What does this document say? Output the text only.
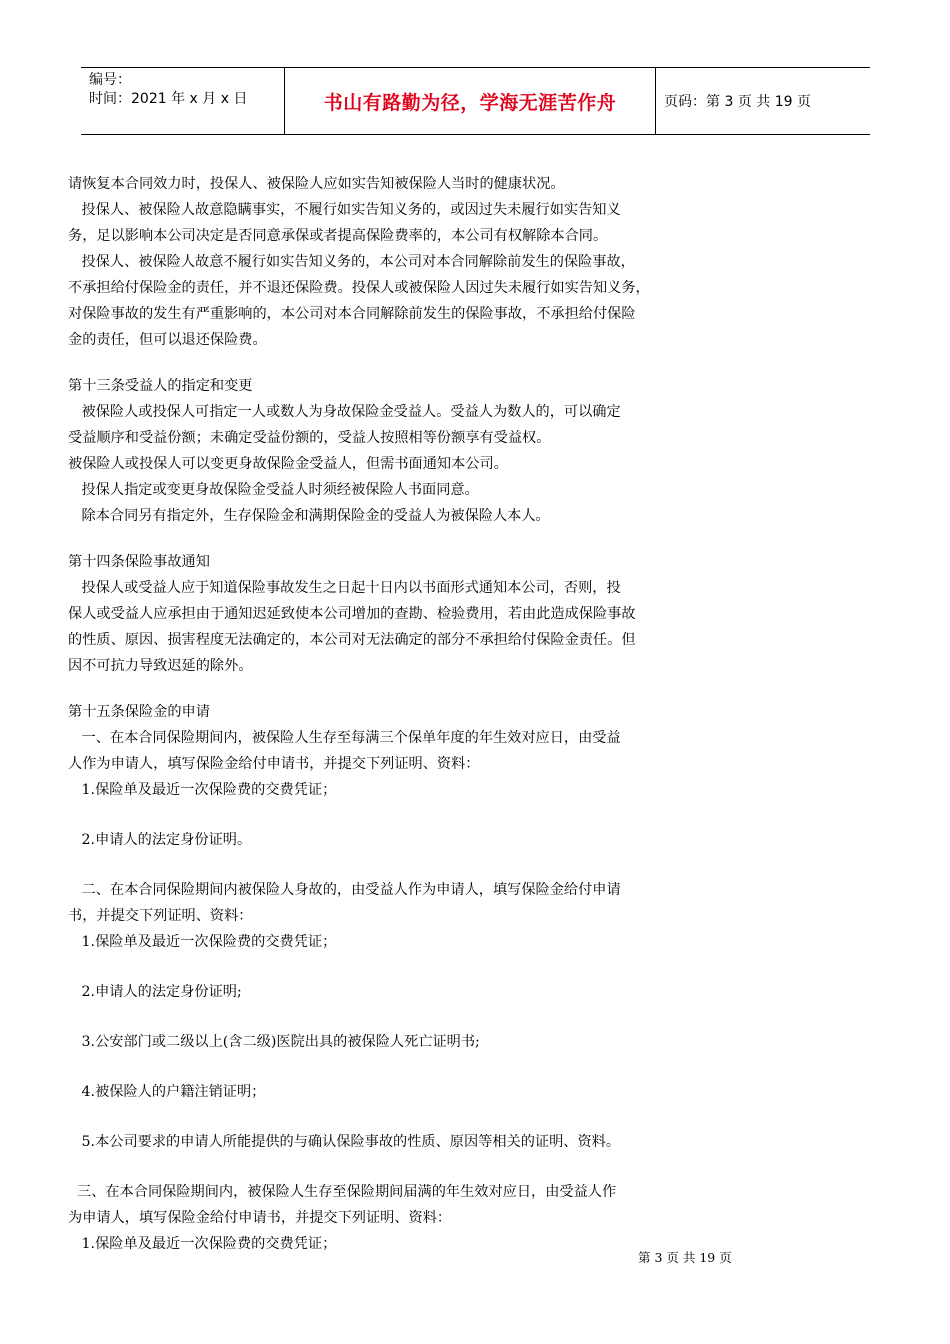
编号：
时间：2021 年 x 月 x 日	书山有路勤为径，学海无涯苦作舟	页码：第 3 页 共 19 页

请恢复本合同效力时，投保人、被保险人应如实告知被保险人当时的健康状况。

投保人、被保险人故意隐瞒事实，不履行如实告知义务的，或因过失未履行如实告知义

务，足以影响本公司决定是否同意承保或者提高保险费率的，本公司有权解除本合同。

投保人、被保险人故意不履行如实告知义务的，本公司对本合同解除前发生的保险事故，

不承担给付保险金的责任，并不退还保险费。投保人或被保险人因过失未履行如实告知义务，

对保险事故的发生有严重影响的，本公司对本合同解除前发生的保险事故，不承担给付保险

金的责任，但可以退还保险费。

第十三条受益人的指定和变更

被保险人或投保人可指定一人或数人为身故保险金受益人。受益人为数人的，可以确定

受益顺序和受益份额；未确定受益份额的，受益人按照相等份额享有受益权。

被保险人或投保人可以变更身故保险金受益人，但需书面通知本公司。

投保人指定或变更身故保险金受益人时须经被保险人书面同意。

除本合同另有指定外，生存保险金和满期保险金的受益人为被保险人本人。

第十四条保险事故通知

投保人或受益人应于知道保险事故发生之日起十日内以书面形式通知本公司，否则，投

保人或受益人应承担由于通知迟延致使本公司增加的查勘、检验费用，若由此造成保险事故

的性质、原因、损害程度无法确定的，本公司对无法确定的部分不承担给付保险金责任。但

因不可抗力导致迟延的除外。

第十五条保险金的申请

一、在本合同保险期间内，被保险人生存至每满三个保单年度的年生效对应日，由受益

人作为申请人，填写保险金给付申请书，并提交下列证明、资料：

1.保险单及最近一次保险费的交费凭证；

2.申请人的法定身份证明。

二、在本合同保险期间内被保险人身故的，由受益人作为申请人，填写保险金给付申请

书，并提交下列证明、资料：

1.保险单及最近一次保险费的交费凭证；

2.申请人的法定身份证明;

3.公安部门或二级以上(含二级)医院出具的被保险人死亡证明书;

4.被保险人的户籍注销证明；

5.本公司要求的申请人所能提供的与确认保险事故的性质、原因等相关的证明、资料。

三、在本合同保险期间内，被保险人生存至保险期间届满的年生效对应日，由受益人作

为申请人，填写保险金给付申请书，并提交下列证明、资料：

1.保险单及最近一次保险费的交费凭证；

第 3 页 共 19 页
